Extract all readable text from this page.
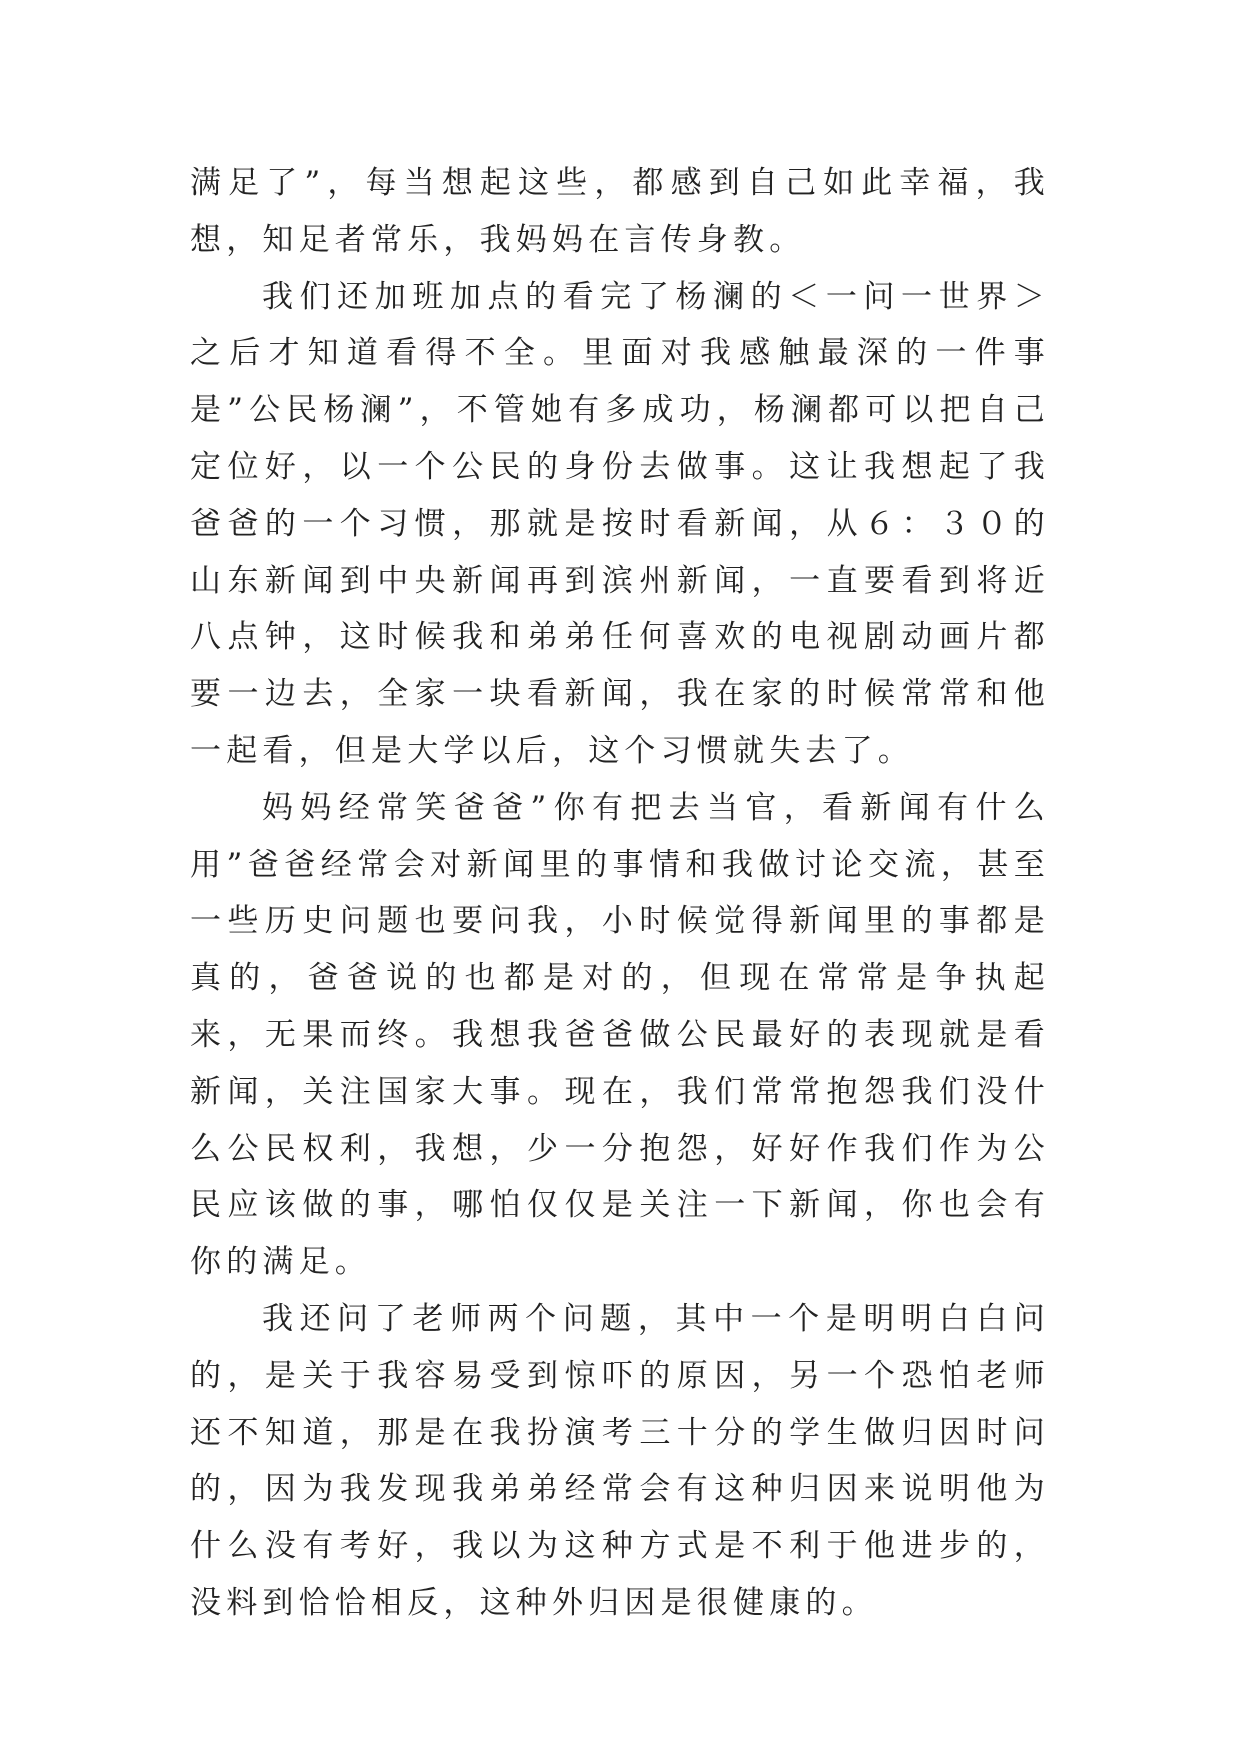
满足了”，每当想起这些，都感到自己如此幸福，我想，知足者常乐，我妈妈在言传身教。

我们还加班加点的看完了杨澜的＜一问一世界＞之后才知道看得不全。里面对我感触最深的一件事是”公民杨澜”，不管她有多成功，杨澜都可以把自己定位好，以一个公民的身份去做事。这让我想起了我爸爸的一个习惯，那就是按时看新闻，从６：３０的山东新闻到中央新闻再到滨州新闻，一直要看到将近八点钟，这时候我和弟弟任何喜欢的电视剧动画片都要一边去，全家一块看新闻，我在家的时候常常和他一起看，但是大学以后，这个习惯就失去了。

妈妈经常笑爸爸”你有把去当官，看新闻有什么用”爸爸经常会对新闻里的事情和我做讨论交流，甚至一些历史问题也要问我，小时候觉得新闻里的事都是真的，爸爸说的也都是对的，但现在常常是争执起来，无果而终。我想我爸爸做公民最好的表现就是看新闻，关注国家大事。现在，我们常常抱怨我们没什么公民权利，我想，少一分抱怨，好好作我们作为公民应该做的事，哪怕仅仅是关注一下新闻，你也会有你的满足。

我还问了老师两个问题，其中一个是明明白白问的，是关于我容易受到惊吓的原因，另一个恐怕老师还不知道，那是在我扮演考三十分的学生做归因时问的，因为我发现我弟弟经常会有这种归因来说明他为什么没有考好，我以为这种方式是不利于他进步的，没料到恰恰相反，这种外归因是很健康的。
